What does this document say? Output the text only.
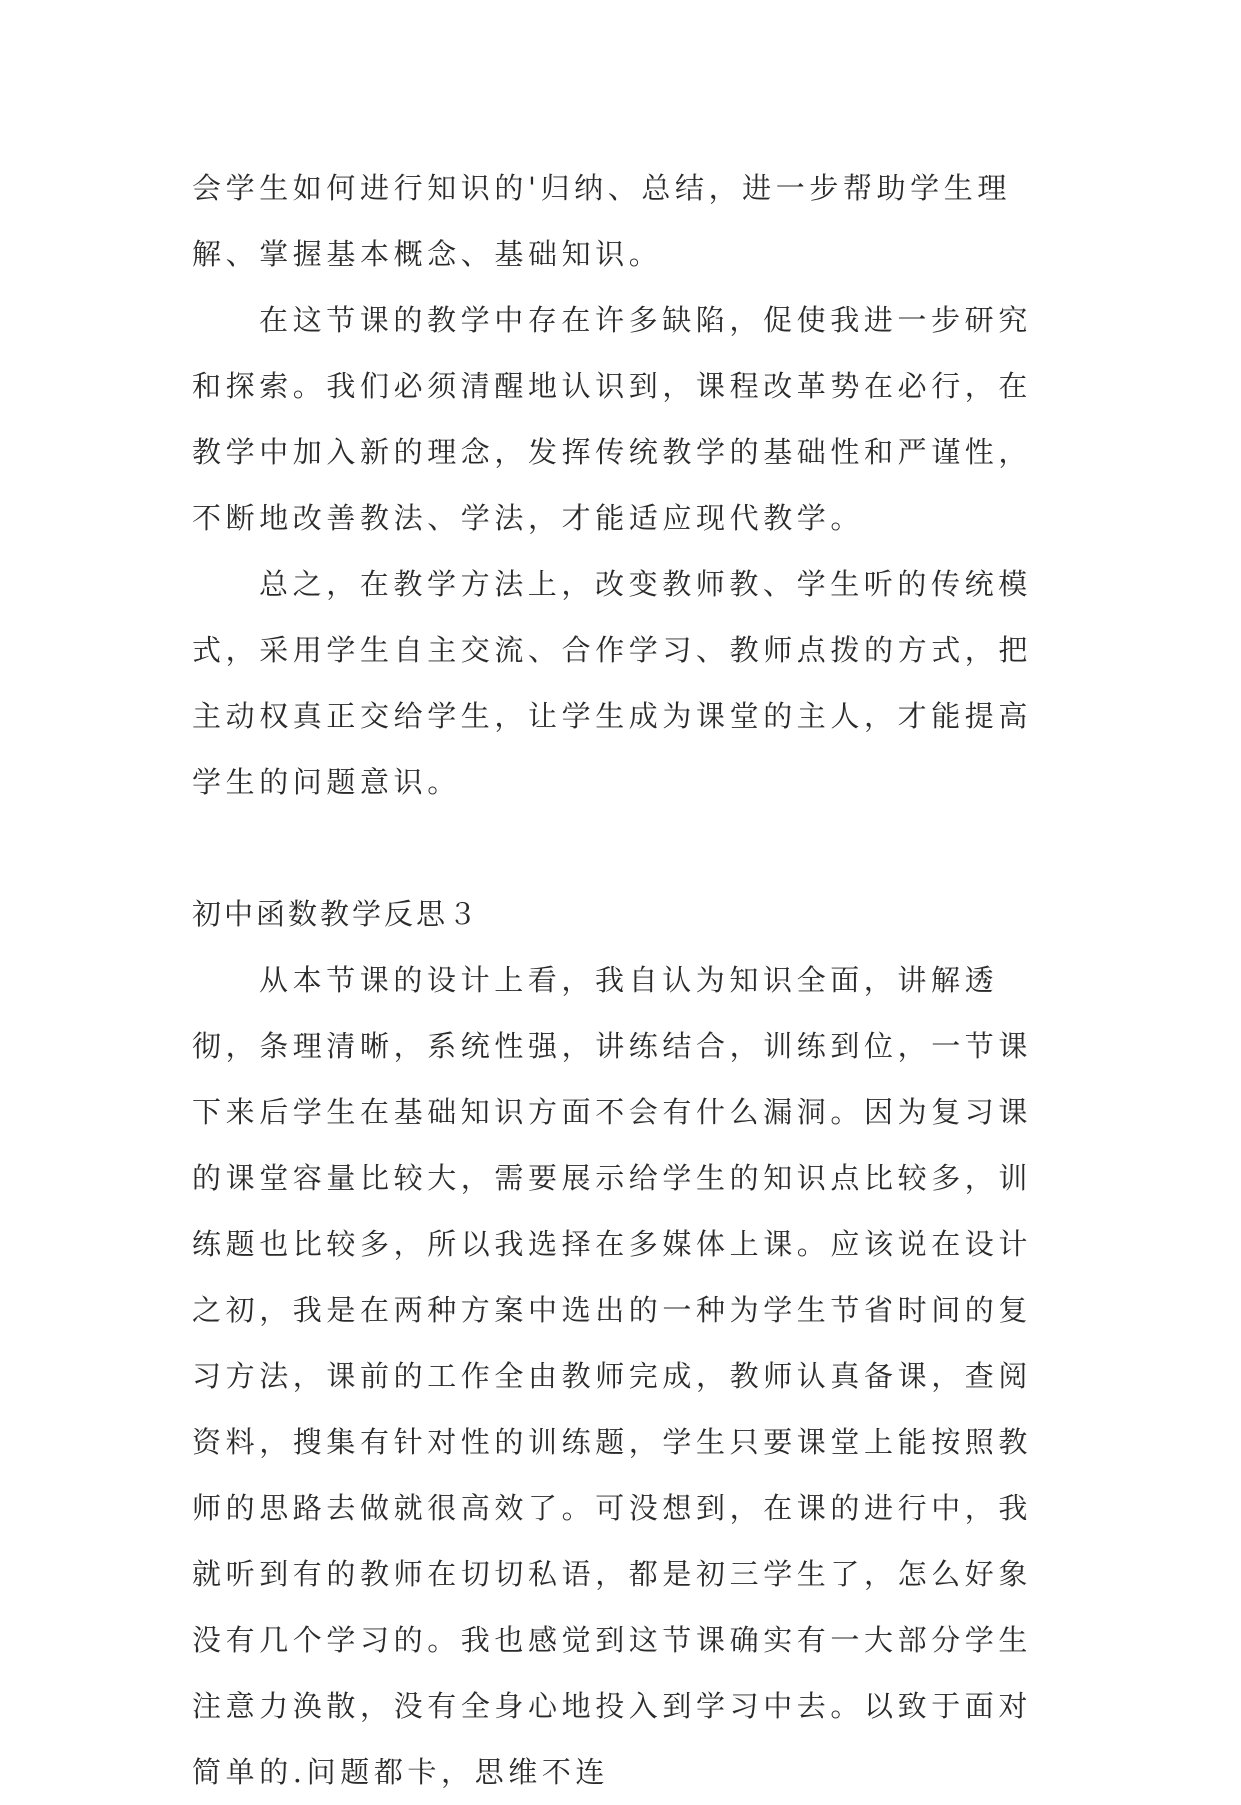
会学生如何进行知识的'归纳、总结，进一步帮助学生理解、掌握基本概念、基础知识。

在这节课的教学中存在许多缺陷，促使我进一步研究和探索。我们必须清醒地认识到，课程改革势在必行，在教学中加入新的理念，发挥传统教学的基础性和严谨性，不断地改善教法、学法，才能适应现代教学。

总之，在教学方法上，改变教师教、学生听的传统模式，采用学生自主交流、合作学习、教师点拨的方式，把主动权真正交给学生，让学生成为课堂的主人，才能提高学生的问题意识。

初中函数教学反思３

从本节课的设计上看，我自认为知识全面，讲解透彻，条理清晰，系统性强，讲练结合，训练到位，一节课下来后学生在基础知识方面不会有什么漏洞。因为复习课的课堂容量比较大，需要展示给学生的知识点比较多，训练题也比较多，所以我选择在多媒体上课。应该说在设计之初，我是在两种方案中选出的一种为学生节省时间的复习方法，课前的工作全由教师完成，教师认真备课，查阅资料，搜集有针对性的训练题，学生只要课堂上能按照教师的思路去做就很高效了。可没想到，在课的进行中，我就听到有的教师在切切私语，都是初三学生了，怎么好象没有几个学习的。我也感觉到这节课确实有一大部分学生注意力涣散，没有全身心地投入到学习中去。以致于面对简单的.问题都卡，思维不连
